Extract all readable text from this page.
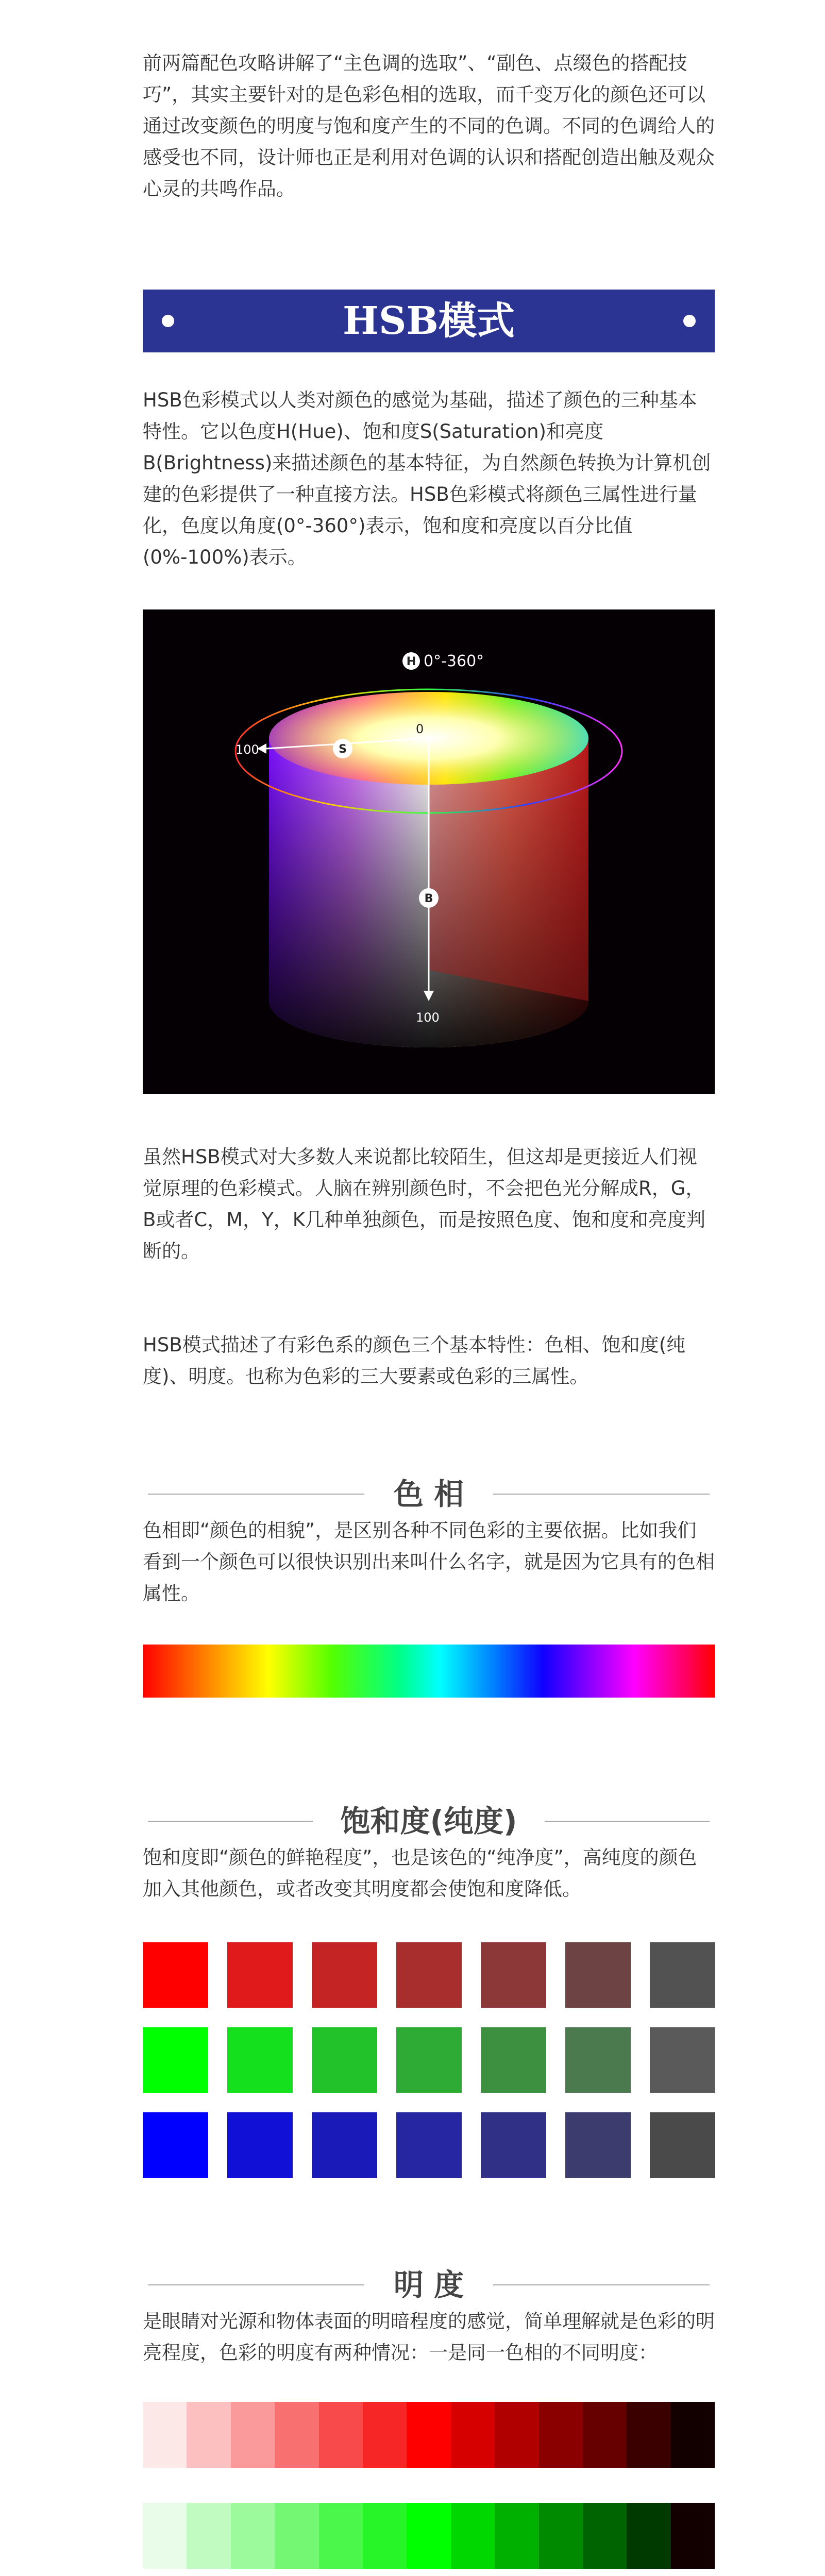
前两篇配色攻略讲解了“主色调的选取”、“副色、点缀色的搭配技巧”，其实主要针对的是色彩色相的选取，而千变万化的颜色还可以通过改变颜色的明度与饱和度产生的不同的色调。不同的色调给人的感受也不同，设计师也正是利用对色调的认识和搭配创造出触及观众心灵的共鸣作品。

HSB模式

HSB色彩模式以人类对颜色的感觉为基础，描述了颜色的三种基本特性。它以色度H(Hue)、饱和度S(Saturation)和亮度B(Brightness)来描述颜色的基本特征，为自然颜色转换为计算机创建的色彩提供了一种直接方法。HSB色彩模式将颜色三属性进行量化，色度以角度(0°-360°)表示，饱和度和亮度以百分比值(0%-100%)表示。

H 0°-360°
S
B
0
100
100

虽然HSB模式对大多数人来说都比较陌生，但这却是更接近人们视觉原理的色彩模式。人脑在辨别颜色时，不会把色光分解成R，G，B或者C，M，Y，K几种单独颜色，而是按照色度、饱和度和亮度判断的。

HSB模式描述了有彩色系的颜色三个基本特性：色相、饱和度(纯度)、明度。也称为色彩的三大要素或色彩的三属性。

色 相

色相即“颜色的相貌”，是区别各种不同色彩的主要依据。比如我们看到一个颜色可以很快识别出来叫什么名字，就是因为它具有的色相属性。

饱和度(纯度)

饱和度即“颜色的鲜艳程度”，也是该色的“纯净度”，高纯度的颜色加入其他颜色，或者改变其明度都会使饱和度降低。

明 度

是眼睛对光源和物体表面的明暗程度的感觉，简单理解就是色彩的明亮程度，色彩的明度有两种情况：一是同一色相的不同明度：
